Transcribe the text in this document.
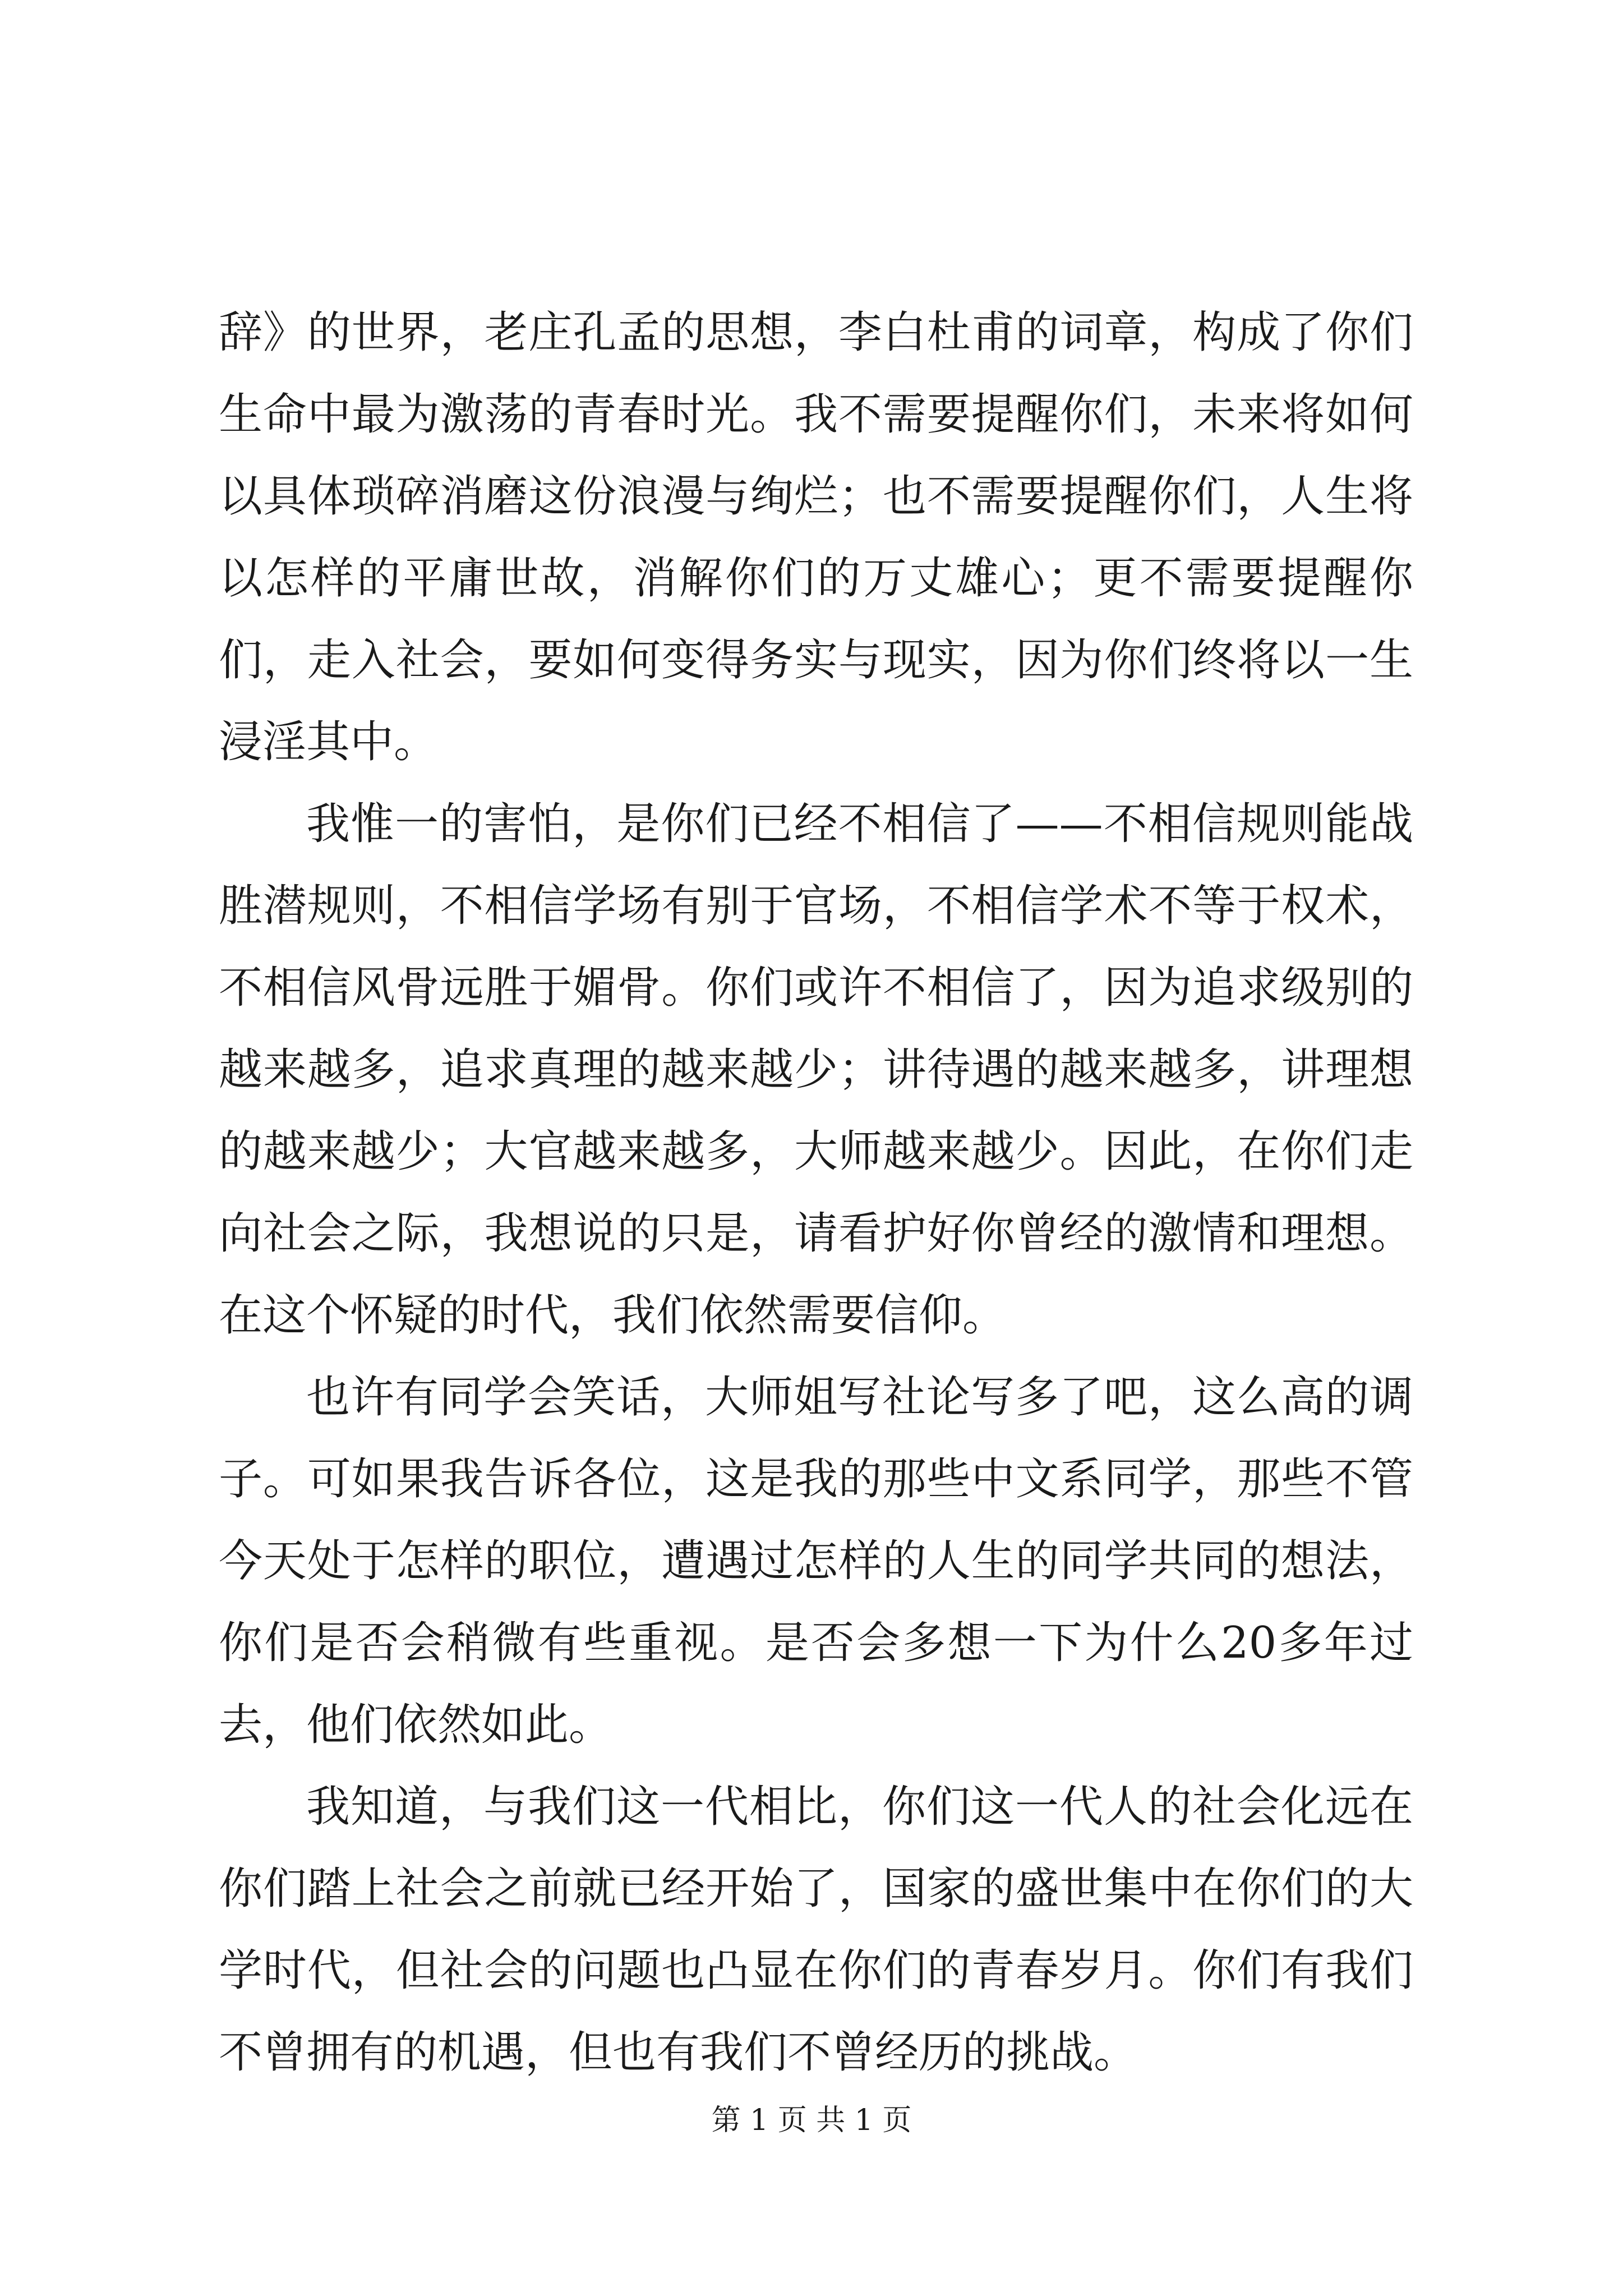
辞》的世界，老庄孔孟的思想，李白杜甫的词章，构成了你们生命中最为激荡的青春时光。我不需要提醒你们，未来将如何以具体琐碎消磨这份浪漫与绚烂；也不需要提醒你们，人生将以怎样的平庸世故，消解你们的万丈雄心；更不需要提醒你们，走入社会，要如何变得务实与现实，因为你们终将以一生浸淫其中。

我惟一的害怕，是你们已经不相信了——不相信规则能战胜潜规则，不相信学场有别于官场，不相信学术不等于权术，不相信风骨远胜于媚骨。你们或许不相信了，因为追求级别的越来越多，追求真理的越来越少；讲待遇的越来越多，讲理想的越来越少；大官越来越多，大师越来越少。因此，在你们走向社会之际，我想说的只是，请看护好你曾经的激情和理想。在这个怀疑的时代，我们依然需要信仰。

也许有同学会笑话，大师姐写社论写多了吧，这么高的调子。可如果我告诉各位，这是我的那些中文系同学，那些不管今天处于怎样的职位，遭遇过怎样的人生的同学共同的想法，你们是否会稍微有些重视。是否会多想一下为什么20多年过去，他们依然如此。

我知道，与我们这一代相比，你们这一代人的社会化远在你们踏上社会之前就已经开始了，国家的盛世集中在你们的大学时代，但社会的问题也凸显在你们的青春岁月。你们有我们不曾拥有的机遇，但也有我们不曾经历的挑战。

第 1 页 共 1 页
